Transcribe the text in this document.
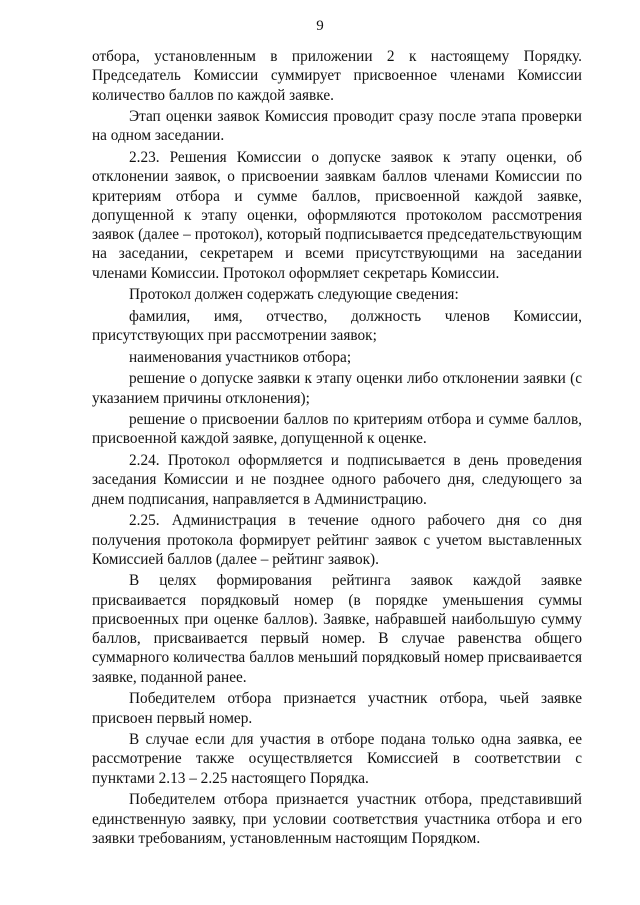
9

отбора, установленным в приложении 2 к настоящему Порядку. Председатель Комиссии суммирует присвоенное членами Комиссии количество баллов по каждой заявке.

Этап оценки заявок Комиссия проводит сразу после этапа проверки на одном заседании.

2.23. Решения Комиссии о допуске заявок к этапу оценки, об отклонении заявок, о присвоении заявкам баллов членами Комиссии по критериям отбора и сумме баллов, присвоенной каждой заявке, допущенной к этапу оценки, оформляются протоколом рассмотрения заявок (далее – протокол), который подписывается председательствующим на заседании, секретарем и всеми присутствующими на заседании членами Комиссии. Протокол оформляет секретарь Комиссии.

Протокол должен содержать следующие сведения:

фамилия, имя, отчество, должность членов Комиссии, присутствующих при рассмотрении заявок;

наименования участников отбора;

решение о допуске заявки к этапу оценки либо отклонении заявки (с указанием причины отклонения);

решение о присвоении баллов по критериям отбора и сумме баллов, присвоенной каждой заявке, допущенной к оценке.

2.24. Протокол оформляется и подписывается в день проведения заседания Комиссии и не позднее одного рабочего дня, следующего за днем подписания, направляется в Администрацию.

2.25. Администрация в течение одного рабочего дня со дня получения протокола формирует рейтинг заявок с учетом выставленных Комиссией баллов (далее – рейтинг заявок).

В целях формирования рейтинга заявок каждой заявке присваивается порядковый номер (в порядке уменьшения суммы присвоенных при оценке баллов). Заявке, набравшей наибольшую сумму баллов, присваивается первый номер. В случае равенства общего суммарного количества баллов меньший порядковый номер присваивается заявке, поданной ранее.

Победителем отбора признается участник отбора, чьей заявке присвоен первый номер.

В случае если для участия в отборе подана только одна заявка, ее рассмотрение также осуществляется Комиссией в соответствии с пунктами 2.13 – 2.25 настоящего Порядка.

Победителем отбора признается участник отбора, представивший единственную заявку, при условии соответствия участника отбора и его заявки требованиям, установленным настоящим Порядком.
